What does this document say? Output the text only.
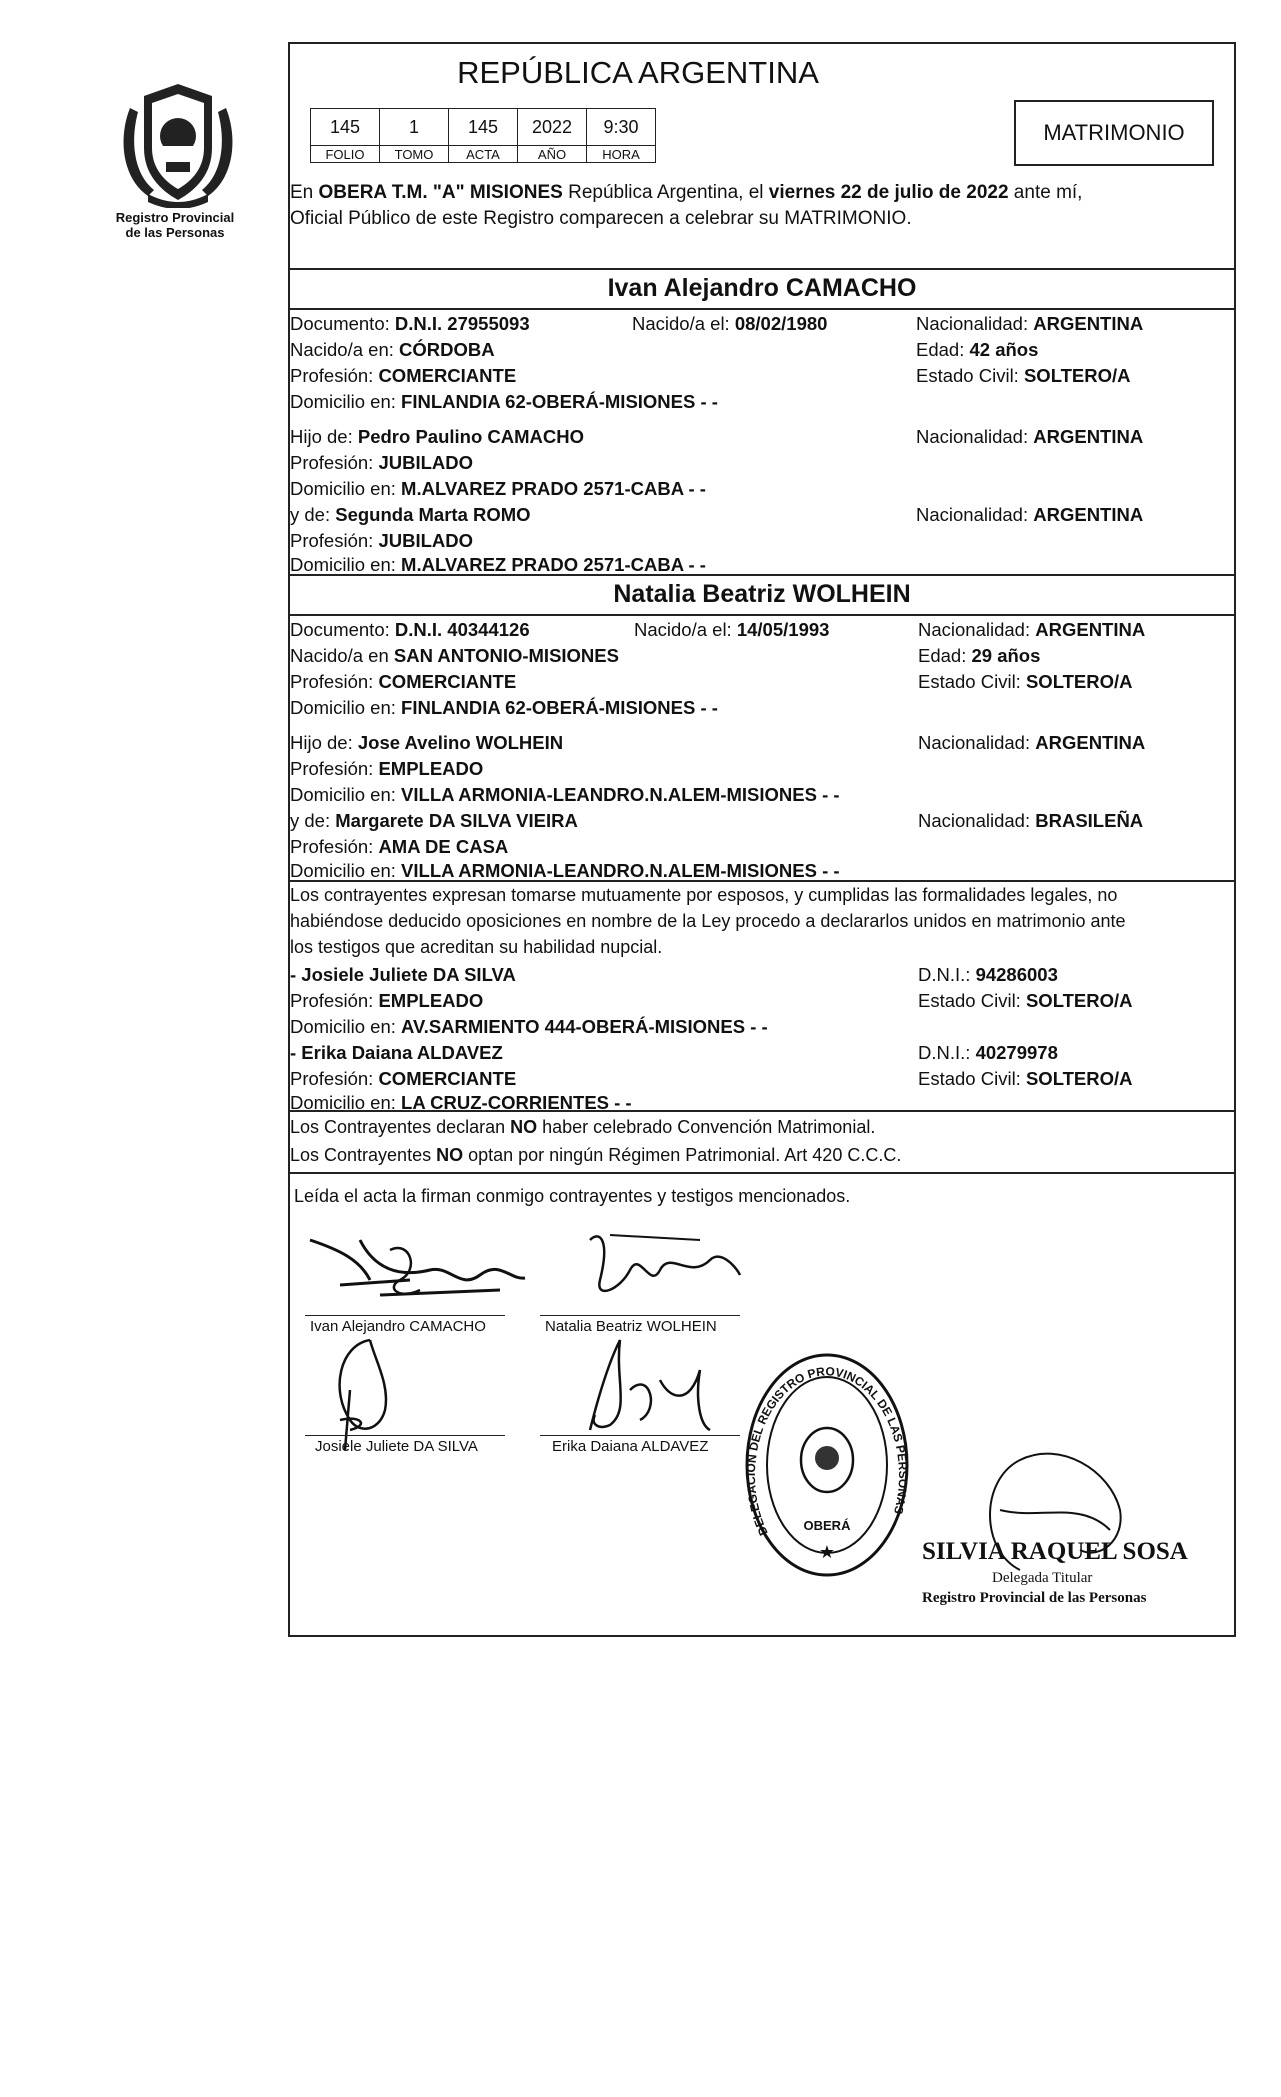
Registro Provincial
de las Personas
REPÚBLICA ARGENTINA
145	1	145	2022	9:30
FOLIO	TOMO	ACTA	AÑO	HORA
MATRIMONIO
En OBERA T.M. "A" MISIONES República Argentina, el viernes 22 de julio de 2022 ante mí,
Oficial Público de este Registro comparecen a celebrar su MATRIMONIO.
Ivan Alejandro CAMACHO
Documento: D.N.I. 27955093	Nacido/a el: 08/02/1980	Nacionalidad: ARGENTINA
Nacido/a en: CÓRDOBA	Edad: 42 años
Profesión: COMERCIANTE	Estado Civil: SOLTERO/A
Domicilio en: FINLANDIA 62-OBERÁ-MISIONES - -
Hijo de: Pedro Paulino CAMACHO	Nacionalidad: ARGENTINA
Profesión: JUBILADO
Domicilio en: M.ALVAREZ PRADO 2571-CABA - -
y de: Segunda Marta ROMO	Nacionalidad: ARGENTINA
Profesión: JUBILADO
Domicilio en: M.ALVAREZ PRADO 2571-CABA - -
Natalia Beatriz WOLHEIN
Documento: D.N.I. 40344126	Nacido/a el: 14/05/1993	Nacionalidad: ARGENTINA
Nacido/a en SAN ANTONIO-MISIONES	Edad: 29 años
Profesión: COMERCIANTE	Estado Civil: SOLTERO/A
Domicilio en: FINLANDIA 62-OBERÁ-MISIONES - -
Hijo de: Jose Avelino WOLHEIN	Nacionalidad: ARGENTINA
Profesión: EMPLEADO
Domicilio en: VILLA ARMONIA-LEANDRO.N.ALEM-MISIONES - -
y de: Margarete DA SILVA VIEIRA	Nacionalidad: BRASILEÑA
Profesión: AMA DE CASA
Domicilio en: VILLA ARMONIA-LEANDRO.N.ALEM-MISIONES - -
Los contrayentes expresan tomarse mutuamente por esposos, y cumplidas las formalidades legales, no
habiéndose deducido oposiciones en nombre de la Ley procedo a declararlos unidos en matrimonio ante
los testigos que acreditan su habilidad nupcial.
- Josiele Juliete DA SILVA	D.N.I.: 94286003
Profesión: EMPLEADO	Estado Civil: SOLTERO/A
Domicilio en: AV.SARMIENTO 444-OBERÁ-MISIONES - -
- Erika Daiana ALDAVEZ	D.N.I.: 40279978
Profesión: COMERCIANTE	Estado Civil: SOLTERO/A
Domicilio en: LA CRUZ-CORRIENTES - -
Los Contrayentes declaran NO haber celebrado Convención Matrimonial.
Los Contrayentes NO optan por ningún Régimen Patrimonial. Art 420 C.C.C.
Leída el acta la firman conmigo contrayentes y testigos mencionados.
Ivan Alejandro CAMACHO	Natalia Beatriz WOLHEIN
Josiele Juliete DA SILVA	Erika Daiana ALDAVEZ
DELEGACION DEL REGISTRO PROVINCIAL DE LAS PERSONAS
OBERÁ
★	SILVIA RAQUEL SOSA
Delegada Titular
Registro Provincial de las Personas
